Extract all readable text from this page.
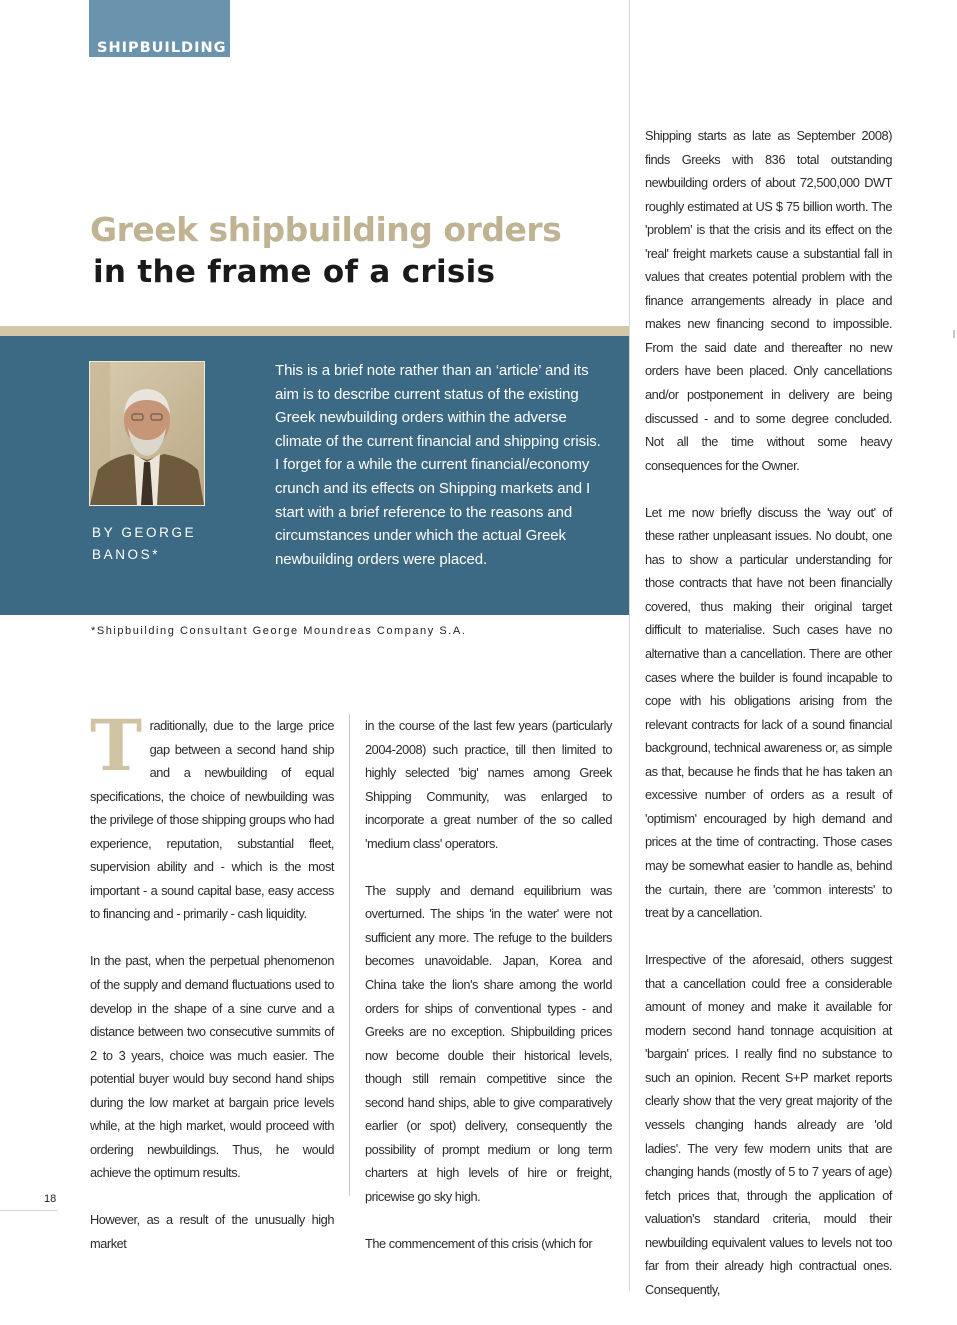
SHIPBUILDING
Greek shipbuilding orders
in the frame of a crisis
BY GEORGE
BANOS*

This is a brief note rather than an ‘article’ and its aim is to describe current status of the existing Greek newbuilding orders within the adverse climate of the current financial and shipping crisis.

I forget for a while the current financial/economy crunch and its effects on Shipping markets and I start with a brief reference to the reasons and circumstances under which the actual Greek newbuilding orders were placed.

*Shipbuilding Consultant George Moundreas Company S.A.

Traditionally, due to the large price gap between a second hand ship and a newbuilding of equal specifications, the choice of newbuilding was the privilege of those shipping groups who had experience, reputation, substantial fleet, supervision ability and - which is the most important - a sound capital base, easy access to financing and - primarily - cash liquidity.

In the past, when the perpetual phenomenon of the supply and demand fluctuations used to develop in the shape of a sine curve and a distance between two consecutive summits of 2 to 3 years, choice was much easier. The potential buyer would buy second hand ships during the low market at bargain price levels while, at the high market, would proceed with ordering newbuildings. Thus, he would achieve the optimum results.

However, as a result of the unusually high market

in the course of the last few years (particularly 2004-2008) such practice, till then limited to highly selected 'big' names among Greek Shipping Community, was enlarged to incorporate a great number of the so called 'medium class' operators.

The supply and demand equilibrium was overturned. The ships 'in the water' were not sufficient any more. The refuge to the builders becomes unavoidable. Japan, Korea and China take the lion's share among the world orders for ships of conventional types - and Greeks are no exception. Shipbuilding prices now become double their historical levels, though still remain competitive since the second hand ships, able to give comparatively earlier (or spot) delivery, consequently the possibility of prompt medium or long term charters at high levels of hire or freight, pricewise go sky high.

The commencement of this crisis (which for

Shipping starts as late as September 2008) finds Greeks with 836 total outstanding newbuilding orders of about 72,500,000 DWT roughly estimated at US $ 75 billion worth. The 'problem' is that the crisis and its effect on the 'real' freight markets cause a substantial fall in values that creates potential problem with the finance arrangements already in place and makes new financing second to impossible. From the said date and thereafter no new orders have been placed. Only cancellations and/or postponement in delivery are being discussed - and to some degree concluded. Not all the time without some heavy consequences for the Owner.

Let me now briefly discuss the 'way out' of these rather unpleasant issues. No doubt, one has to show a particular understanding for those contracts that have not been financially covered, thus making their original target difficult to materialise. Such cases have no alternative than a cancellation. There are other cases where the builder is found incapable to cope with his obligations arising from the relevant contracts for lack of a sound financial background, technical awareness or, as simple as that, because he finds that he has taken an excessive number of orders as a result of 'optimism' encouraged by high demand and prices at the time of contracting. Those cases may be somewhat easier to handle as, behind the curtain, there are 'common interests' to treat by a cancellation.

Irrespective of the aforesaid, others suggest that a cancellation could free a considerable amount of money and make it available for modern second hand tonnage acquisition at 'bargain' prices. I really find no substance to such an opinion. Recent S+P market reports clearly show that the very great majority of the vessels changing hands already are 'old ladies'. The very few modern units that are changing hands (mostly of 5 to 7 years of age) fetch prices that, through the application of valuation's standard criteria, mould their newbuilding equivalent values to levels not too far from their already high contractual ones. Consequently,

18
